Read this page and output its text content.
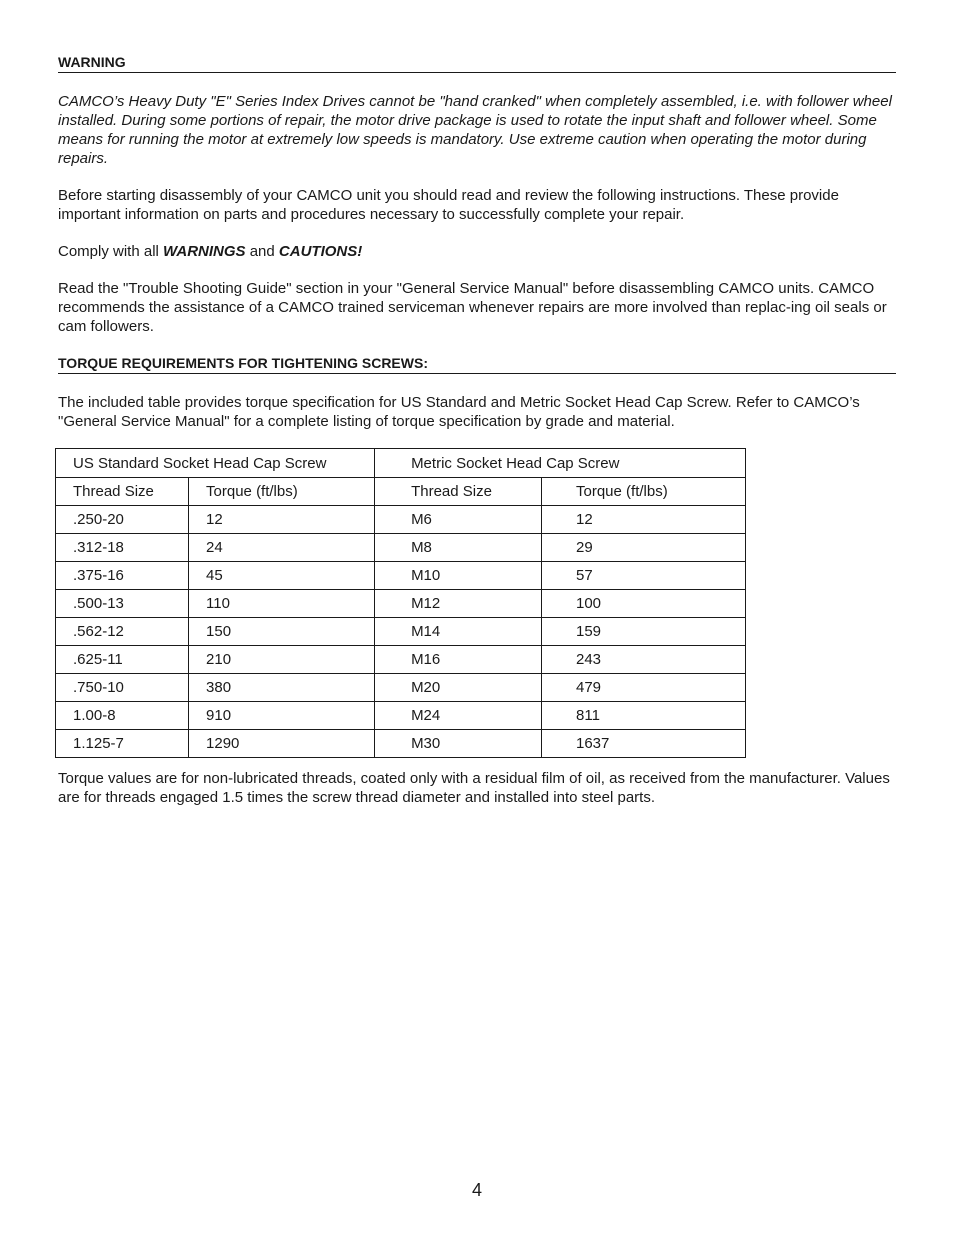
WARNING

CAMCO’s Heavy Duty "E" Series Index Drives cannot be "hand cranked" when completely assembled, i.e. with follower wheel installed. During some portions of repair, the motor drive package is used to rotate the input shaft and follower wheel. Some means for running the motor at extremely low speeds is mandatory. Use extreme caution when operating the motor during repairs.

Before starting disassembly of your CAMCO unit you should read and review the following instructions. These provide important information on parts and procedures necessary to successfully complete your repair.

Comply with all WARNINGS and CAUTIONS!

Read the "Trouble Shooting Guide" section in your "General Service Manual" before disassembling CAMCO units. CAMCO recommends the assistance of a CAMCO trained serviceman whenever repairs are more involved than replac-ing oil seals or cam followers.

TORQUE REQUIREMENTS FOR TIGHTENING SCREWS:

The included table provides torque specification for US Standard and Metric Socket Head Cap Screw. Refer to CAMCO’s "General Service Manual" for a complete listing of torque specification by grade and material.

US Standard Socket Head Cap Screw		Metric Socket Head Cap Screw	
Thread Size	Torque (ft/lbs)	Thread Size	Torque (ft/lbs)
.250-20	12	M6	12
.312-18	24	M8	29
.375-16	45	M10	57
.500-13	110	M12	100
.562-12	150	M14	159
.625-11	210	M16	243
.750-10	380	M20	479
1.00-8	910	M24	811
1.125-7	1290	M30	1637

Torque values are for non-lubricated threads, coated only with a residual film of oil, as received from the manufacturer. Values are for threads engaged 1.5 times the screw thread diameter and installed into steel parts.

4
